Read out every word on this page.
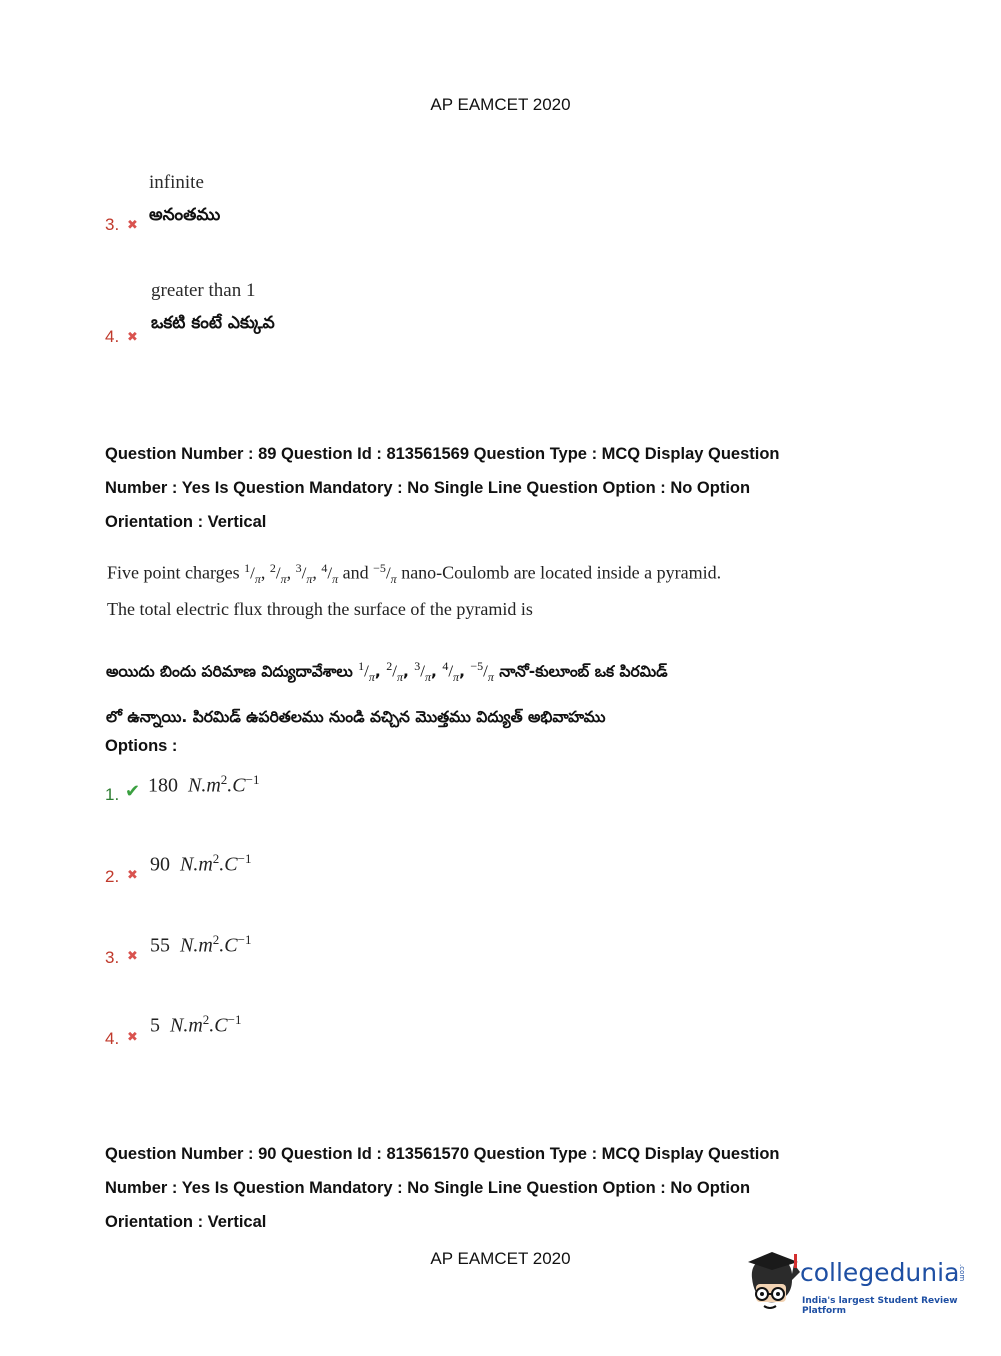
AP EAMCET 2020
infinite
అనంతము
3. ✖
greater than 1
ఒకటి కంటే ఎక్కువ
4. ✖
Question Number : 89 Question Id : 813561569 Question Type : MCQ Display Question
Number : Yes Is Question Mandatory : No Single Line Question Option : No Option
Orientation : Vertical
Five point charges $^1/_\pi$, $^2/_\pi$, $^3/_\pi$, $^4/_\pi$ and $^{-5}/_\pi$ nano-Coulomb are located inside a pyramid.
The total electric flux through the surface of the pyramid is
అయిదు బిందు పరిమాణ విద్యుదావేశాలు $^1/_\pi$, $^2/_\pi$, $^3/_\pi$, $^4/_\pi$, $^{-5}/_\pi$ నానో-కులూంబ్ ఒక పిరమిడ్
లో ఉన్నాయి. పిరమిడ్ ఉపరితలము నుండి వచ్చిన మొత్తము విద్యుత్ అభివాహము
Options :
1. ✔ 180 $N.m^2.C^{-1}$
2. ✖ 90 $N.m^2.C^{-1}$
3. ✖ 55 $N.m^2.C^{-1}$
4. ✖ 5 $N.m^2.C^{-1}$
Question Number : 90 Question Id : 813561570 Question Type : MCQ Display Question
Number : Yes Is Question Mandatory : No Single Line Question Option : No Option
Orientation : Vertical
AP EAMCET 2020	collegedunia
.com
India's largest Student Review Platform
